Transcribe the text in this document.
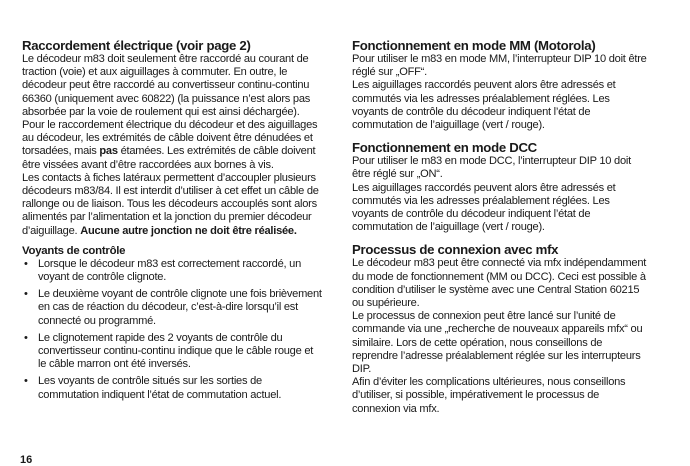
Raccordement électrique (voir page 2)

Le décodeur m83 doit seulement être raccordé au courant de traction (voie) et aux aiguillages à commuter. En outre, le décodeur peut être raccordé au convertisseur continu-continu 66360 (uniquement avec 60822) (la puissance n’est alors pas absorbée par la voie de roulement qui est ainsi déchargée).

Pour le raccordement électrique du décodeur et des aiguillages au décodeur, les extrémités de câble doivent être dénudées et torsadées, mais pas étamées. Les extrémités de câble doivent être vissées avant d’être raccordées aux bornes à vis.

Les contacts à fiches latéraux permettent d’accoupler plusieurs décodeurs m83/84. Il est interdit d’utiliser à cet effet un câble de rallonge ou de liaison. Tous les décodeurs accouplés sont alors alimentés par l’alimentation et la jonction du premier décodeur d’aiguillage. Aucune autre jonction ne doit être réalisée.

Voyants de contrôle
• Lorsque le décodeur m83 est correctement raccordé, un voyant de contrôle clignote.
• Le deuxième voyant de contrôle clignote une fois brièvement en cas de réaction du décodeur, c’est-à-dire lorsqu’il est connecté ou programmé.
• Le clignotement rapide des 2 voyants de contrôle du convertisseur continu-continu indique que le câble rouge et le câble marron ont été inversés.
• Les voyants de contrôle situés sur les sorties de commutation indiquent l’état de commutation actuel.
Fonctionnement en mode MM (Motorola)

Pour utiliser le m83 en mode MM, l’interrupteur DIP 10 doit être réglé sur „OFF“.

Les aiguillages raccordés peuvent alors être adressés et commutés via les adresses préalablement réglées. Les voyants de contrôle du décodeur indiquent l’état de commutation de l’aiguillage (vert / rouge).

Fonctionnement en mode DCC

Pour utiliser le m83 en mode DCC, l’interrupteur DIP 10 doit être réglé sur „ON“.

Les aiguillages raccordés peuvent alors être adressés et commutés via les adresses préalablement réglées. Les voyants de contrôle du décodeur indiquent l’état de commutation de l’aiguillage (vert / rouge).

Processus de connexion avec mfx

Le décodeur m83 peut être connecté via mfx indépendamment du mode de fonctionnement (MM ou DCC). Ceci est possible à condition d’utiliser le système avec une Central Station 60215 ou supérieure.

Le processus de connexion peut être lancé sur l’unité de commande via une „recherche de nouveaux appareils mfx“ ou similaire. Lors de cette opération, nous conseillons de reprendre l’adresse préalablement réglée sur les interrupteurs DIP.

Afin d’éviter les complications ultérieures, nous conseillons d’utiliser, si possible, impérativement le processus de connexion via mfx.

16
